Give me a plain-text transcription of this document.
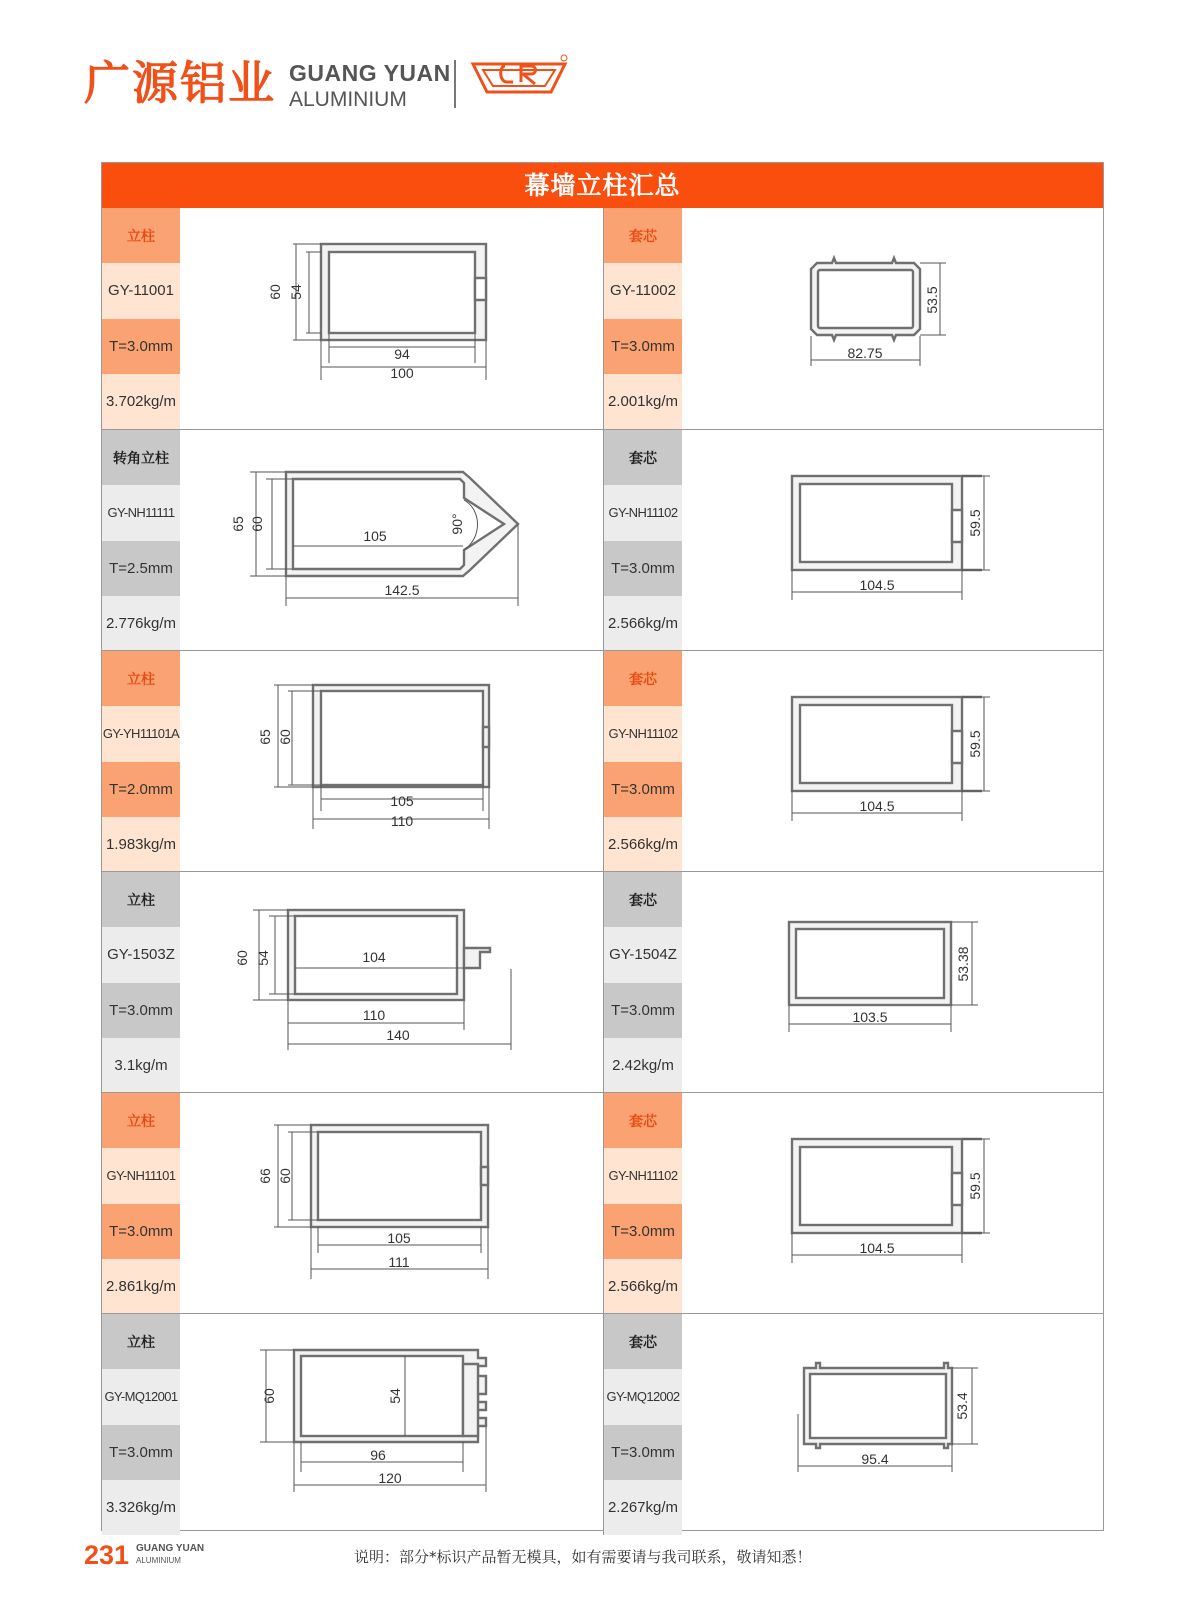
广源铝业 GUANG YUAN
ALUMINIUM
幕墙立柱汇总
立柱
GY-11001
T=3.0mm
3.702kg/m
60 54
94
100
套芯
GY-11002
T=3.0mm
2.001kg/m
53.5
82.75
转角立柱
GY-NH11111
T=2.5mm
2.776kg/m
65 60
105
90°
142.5
套芯
GY-NH11102
T=3.0mm
2.566kg/m
59.5
104.5
立柱
GY-YH11101A
T=2.0mm
1.983kg/m
65 60
105
110
套芯
GY-NH11102
T=3.0mm
2.566kg/m
59.5
104.5
立柱
GY-1503Z
T=3.0mm
3.1kg/m
60 54	104
110
140
套芯
GY-1504Z
T=3.0mm
2.42kg/m
53.38
103.5
立柱
GY-NH11101
T=3.0mm
2.861kg/m
66 60
105
111
套芯
GY-NH11102
T=3.0mm
2.566kg/m
59.5
104.5
立柱
GY-MQ12001
T=3.0mm
3.326kg/m
60	54
96
120
套芯
GY-MQ12002
T=3.0mm
2.267kg/m
53.4
95.4
231 GUANG YUAN
ALUMINIUM	说明：部分*标识产品暂无模具，如有需要请与我司联系，敬请知悉！
